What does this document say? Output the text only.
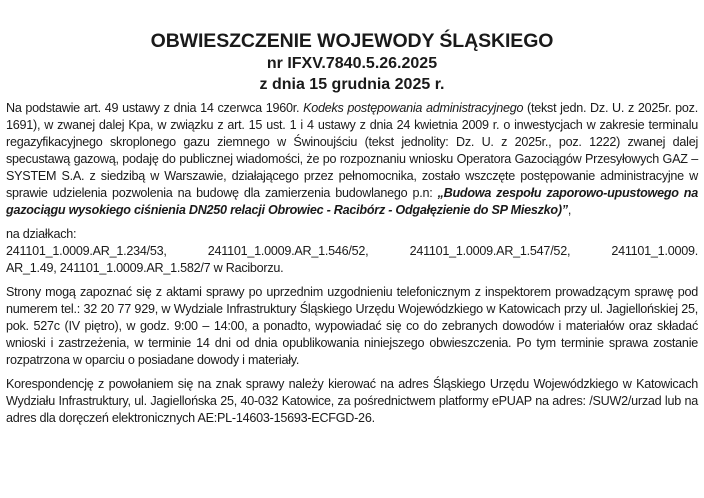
OBWIESZCZENIE WOJEWODY ŚLĄSKIEGO
nr IFXV.7840.5.26.2025
z dnia 15 grudnia 2025 r.

Na podstawie art. 49 ustawy z dnia 14 czerwca 1960r. Kodeks postępowania administracyjnego (tekst jedn. Dz. U. z 2025r. poz. 1691), w zwanej dalej Kpa, w związku z art. 15 ust. 1 i 4 ustawy z dnia 24 kwietnia 2009 r. o inwestycjach w zakresie terminalu regazyfikacyjnego skroplonego gazu ziemnego w Świnoujściu (tekst jednolity: Dz. U. z 2025r., poz. 1222) zwanej dalej specustawą gazową, podaję do publicznej wiadomości, że po rozpoznaniu wniosku Operatora Gazociągów Przesyłowych GAZ – SYSTEM S.A. z siedzibą w Warszawie, działającego przez pełnomocnika, zostało wszczęte postępowanie administracyjne w sprawie udzielenia pozwolenia na budowę dla zamierzenia budowlanego p.n: „Budowa zespołu zaporowo-upustowego na gazociągu wysokiego ciśnienia DN250 relacji Obrowiec - Racibórz - Odgałęzienie do SP Mieszko)”,

na działkach:

241101_1.0009.AR_1.234/53,	241101_1.0009.AR_1.546/52,	241101_1.0009.AR_1.547/52,	241101_1.0009.

AR_1.49, 241101_1.0009.AR_1.582/7 w Raciborzu.

Strony mogą zapoznać się z aktami sprawy po uprzednim uzgodnieniu telefonicznym z inspektorem prowadzącym sprawę pod numerem tel.: 32 20 77 929, w Wydziale Infrastruktury Śląskiego Urzędu Wojewódzkiego w Katowicach przy ul. Jagiellońskiej 25, pok. 527c (IV piętro), w godz. 9:00 – 14:00, a ponadto, wypowiadać się co do zebranych dowodów i materiałów oraz składać wnioski i zastrzeżenia, w terminie 14 dni od dnia opublikowania niniejszego obwieszczenia. Po tym terminie sprawa zostanie rozpatrzona w oparciu o posiadane dowody i materiały.

Korespondencję z powołaniem się na znak sprawy należy kierować na adres Śląskiego Urzędu Wojewódzkiego w Katowicach Wydziału Infrastruktury, ul. Jagiellońska 25, 40-032 Katowice, za pośrednictwem platformy ePUAP na adres: /SUW2/urzad lub na adres dla doręczeń elektronicznych AE:PL-14603-15693-ECFGD-26.
